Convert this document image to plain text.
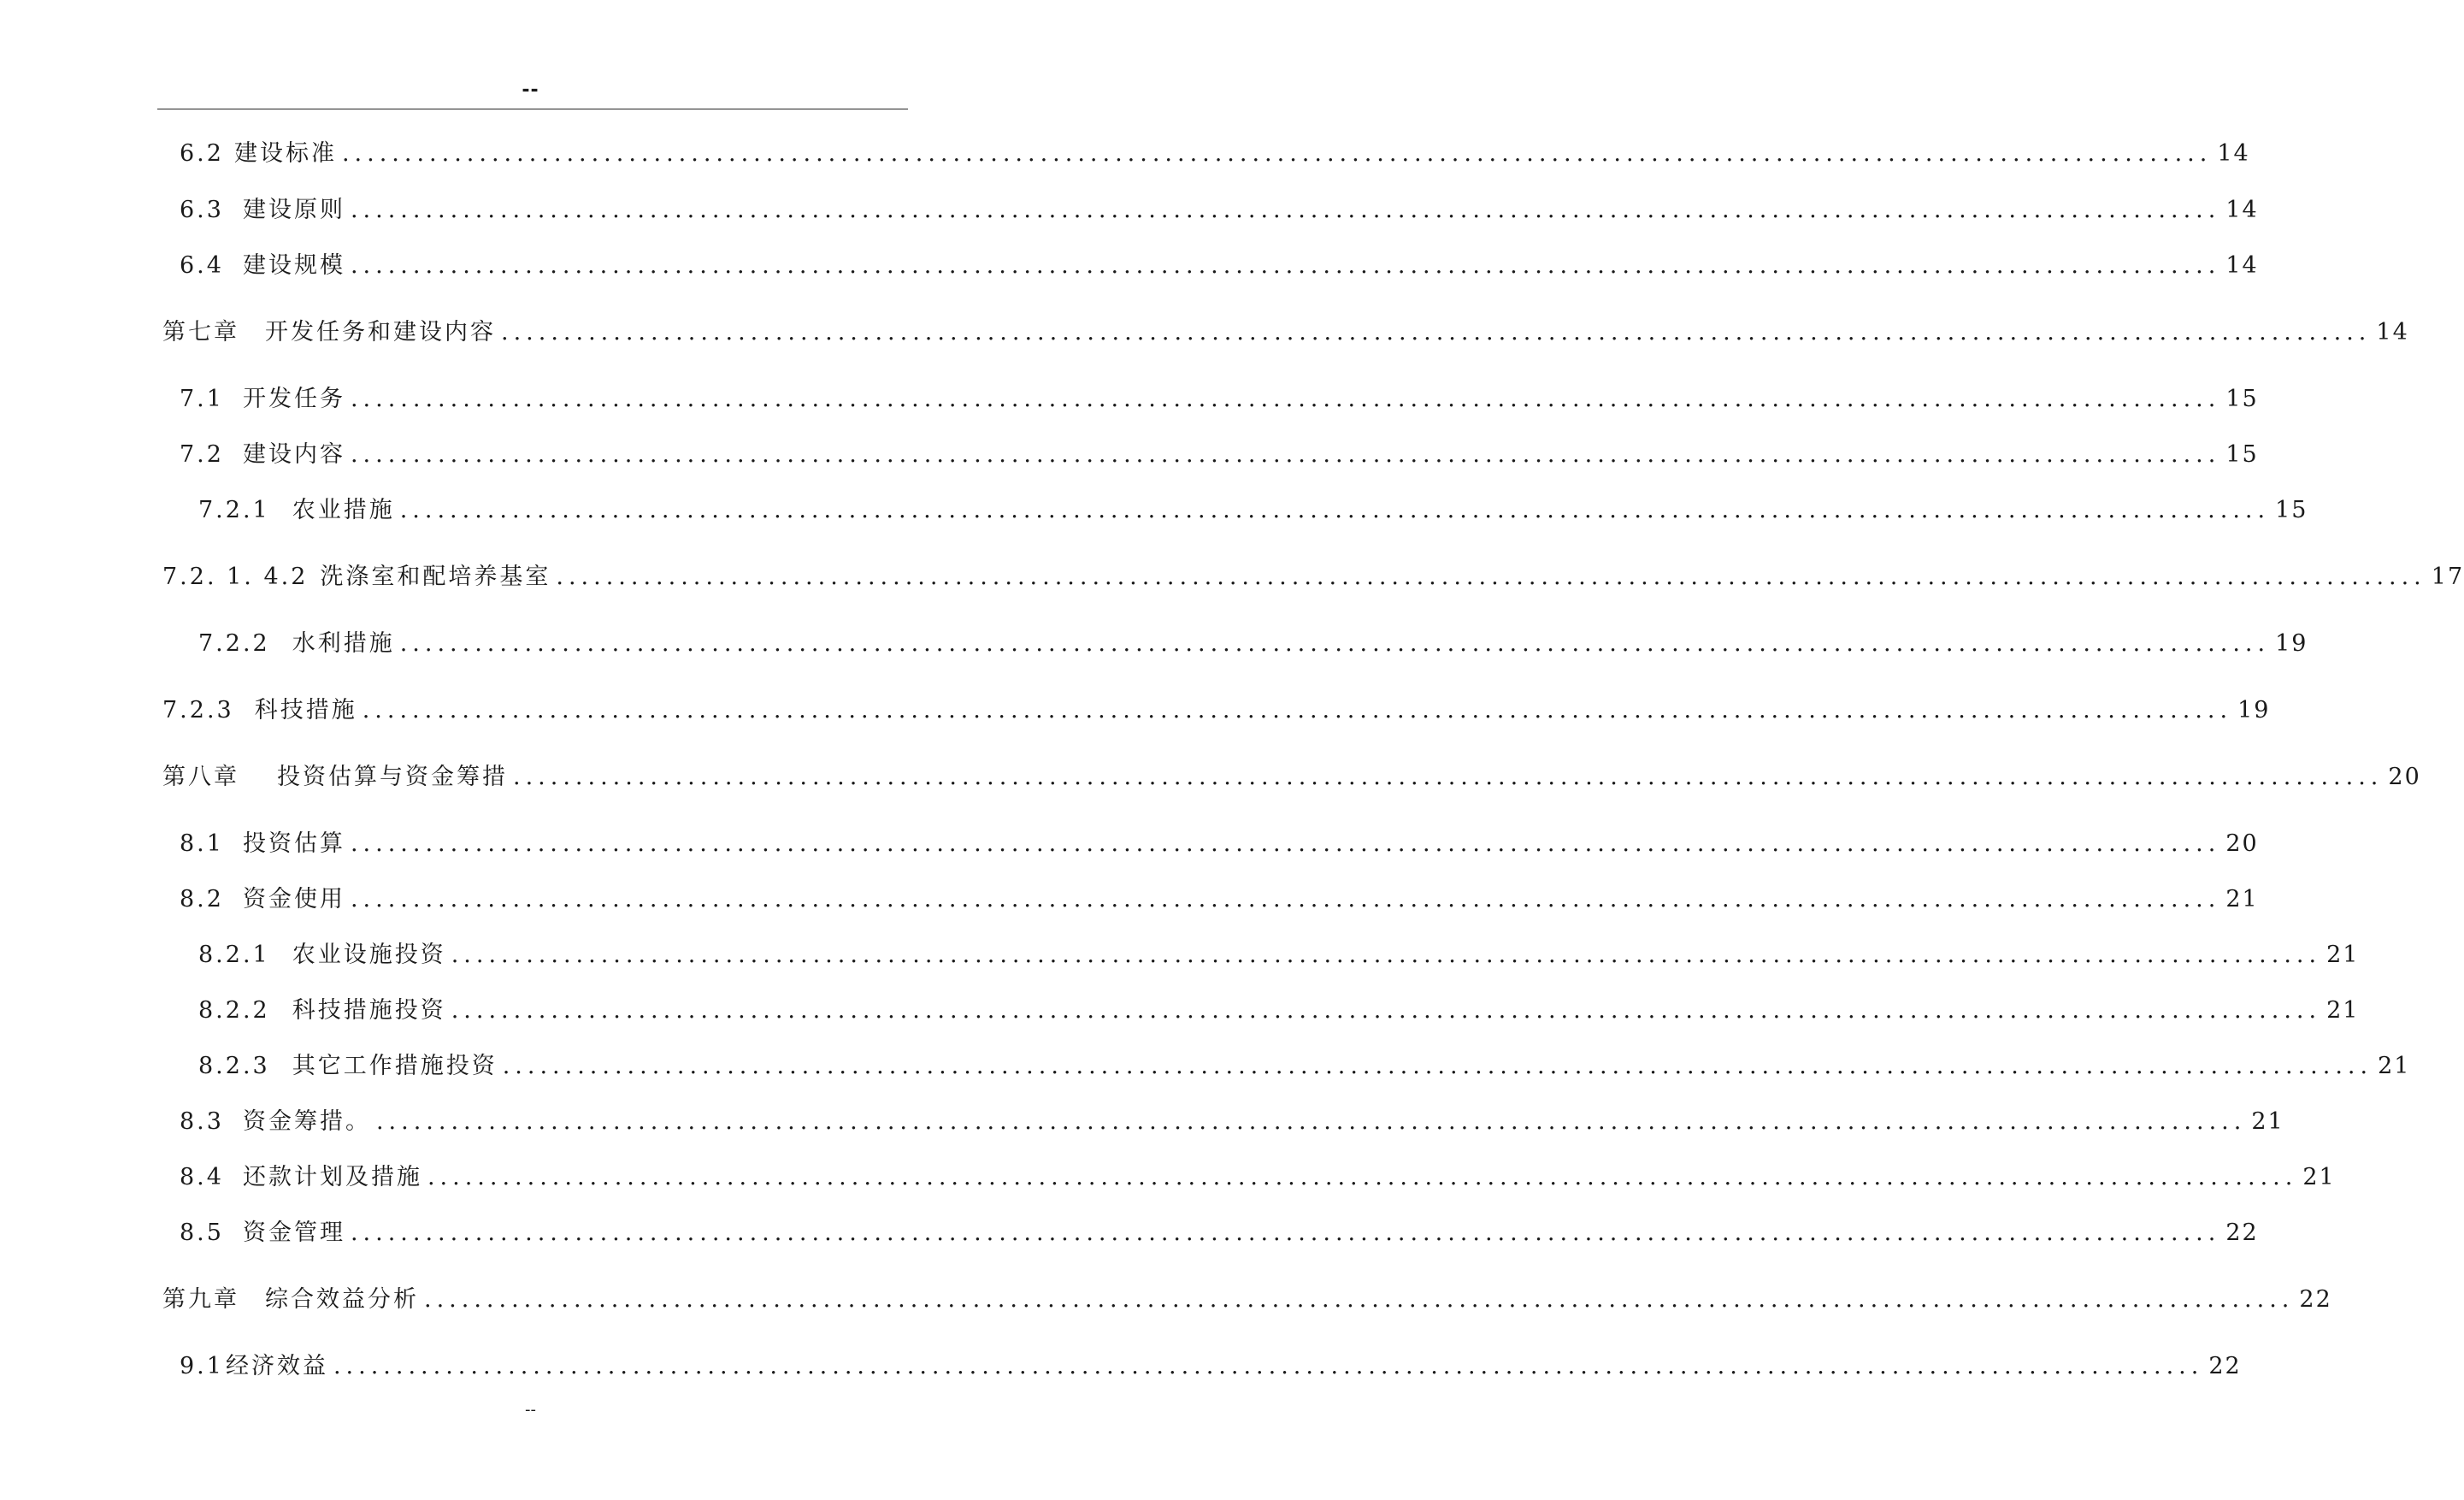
--
6.2 建设标准 ...................................................................................................................................................... 14
6.3 建设原则 ...................................................................................................................................................... 14
6.4 建设规模 ...................................................................................................................................................... 14
第七章 开发任务和建设内容 ...................................................................................................................................................... 14
7.1 开发任务 ...................................................................................................................................................... 15
7.2 建设内容 ...................................................................................................................................................... 15
7.2.1 农业措施 ...................................................................................................................................................... 15
7.2. 1. 4.2 洗涤室和配培养基室 ...................................................................................................................................................... 17
7.2.2 水利措施 ...................................................................................................................................................... 19
7.2.3 科技措施 ...................................................................................................................................................... 19
第八章 投资估算与资金筹措 ...................................................................................................................................................... 20
8.1 投资估算 ...................................................................................................................................................... 20
8.2 资金使用 ...................................................................................................................................................... 21
8.2.1 农业设施投资 ...................................................................................................................................................... 21
8.2.2 科技措施投资 ...................................................................................................................................................... 21
8.2.3 其它工作措施投资 ...................................................................................................................................................... 21
8.3 资金筹措。 ...................................................................................................................................................... 21
8.4 还款计划及措施 ...................................................................................................................................................... 21
8.5 资金管理 ...................................................................................................................................................... 22
第九章 综合效益分析 ...................................................................................................................................................... 22
9.1 经济效益 ...................................................................................................................................................... 22
--
